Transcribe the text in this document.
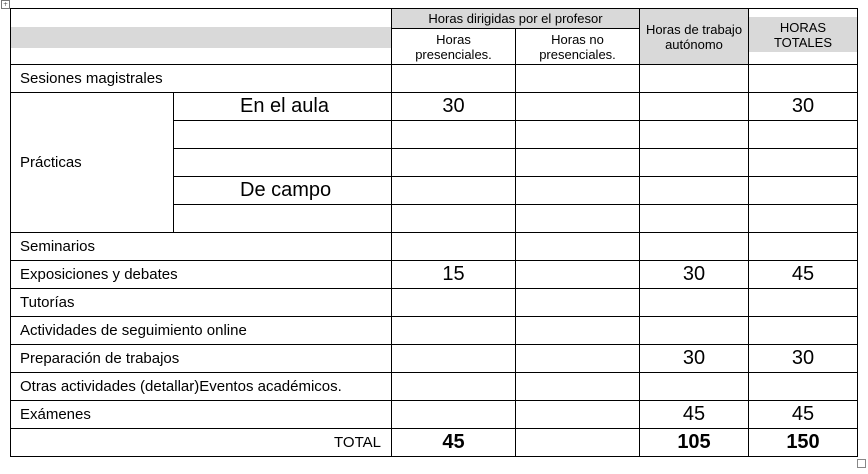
+
		Horas dirigidas por el profesor		Horas de trabajo autónomo	HORAS TOTALES

		Horas presenciales.	Horas no presenciales.		
Sesiones magistrales					
Prácticas	En el aula	30			30

	De campo				

Seminarios					
Exposiciones y debates		15		30	45
Tutorías					
Actividades de seguimiento online					
Preparación de trabajos				30	30
Otras actividades (detallar)Eventos académicos.					
Exámenes				45	45
TOTAL		45		105	150
